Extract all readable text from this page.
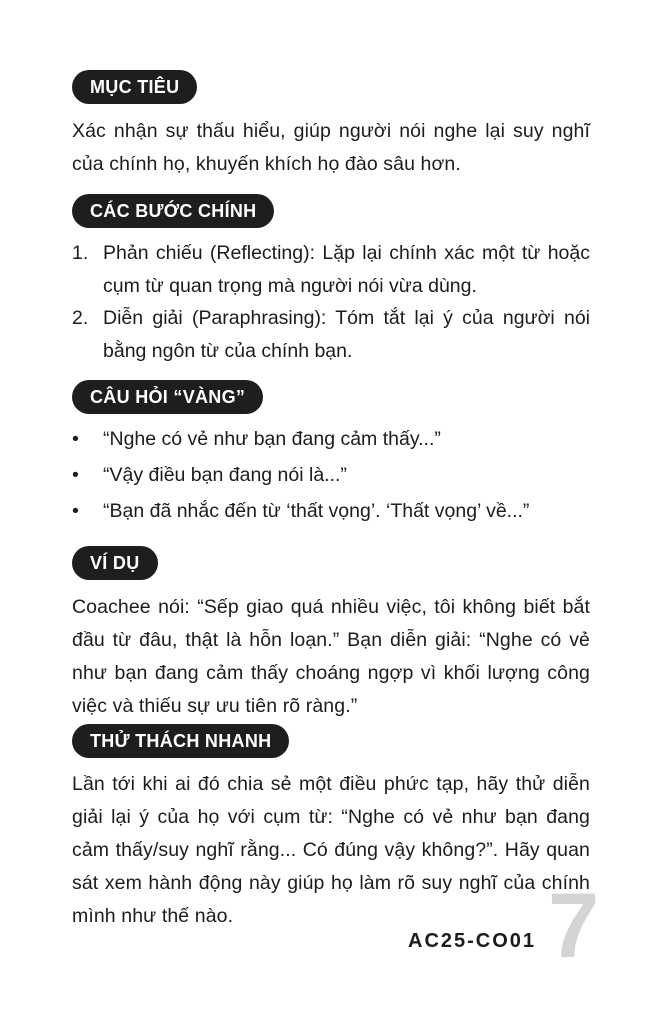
MỤC TIÊU

Xác nhận sự thấu hiểu, giúp người nói nghe lại suy nghĩ của chính họ, khuyến khích họ đào sâu hơn.

CÁC BƯỚC CHÍNH
1. Phản chiếu (Reflecting): Lặp lại chính xác một từ hoặc cụm từ quan trọng mà người nói vừa dùng.
2. Diễn giải (Paraphrasing): Tóm tắt lại ý của người nói bằng ngôn từ của chính bạn.
CÂU HỎI “VÀNG”
• “Nghe có vẻ như bạn đang cảm thấy...”
• “Vậy điều bạn đang nói là...”
• “Bạn đã nhắc đến từ ‘thất vọng’. ‘Thất vọng’ về...”
VÍ DỤ

Coachee nói: “Sếp giao quá nhiều việc, tôi không biết bắt đầu từ đâu, thật là hỗn loạn.” Bạn diễn giải: “Nghe có vẻ như bạn đang cảm thấy choáng ngợp vì khối lượng công việc và thiếu sự ưu tiên rõ ràng.”

THỬ THÁCH NHANH

Lần tới khi ai đó chia sẻ một điều phức tạp, hãy thử diễn giải lại ý của họ với cụm từ: “Nghe có vẻ như bạn đang cảm thấy/suy nghĩ rằng... Có đúng vậy không?”. Hãy quan sát xem hành động này giúp họ làm rõ suy nghĩ của chính mình như thế nào.

AC25-CO01 7
